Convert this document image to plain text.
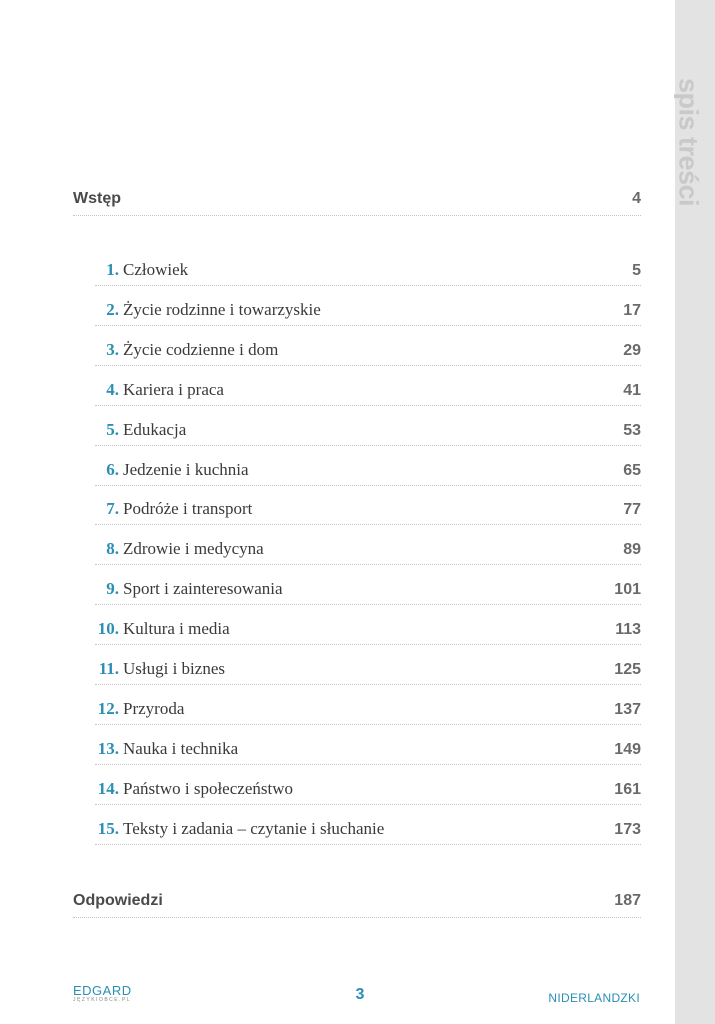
spis treści
Wstęp	4
1. Człowiek	5
2. Życie rodzinne i towarzyskie	17
3. Życie codzienne i dom	29
4. Kariera i praca	41
5. Edukacja	53
6. Jedzenie i kuchnia	65
7. Podróże i transport	77
8. Zdrowie i medycyna	89
9. Sport i zainteresowania	101
10. Kultura i media	113
11. Usługi i biznes	125
12. Przyroda	137
13. Nauka i technika	149
14. Państwo i społeczeństwo	161
15. Teksty i zadania – czytanie i słuchanie	173
Odpowiedzi	187
EDGARD
JĘZYKIOBCE.PL	3	NIDERLANDZKI
